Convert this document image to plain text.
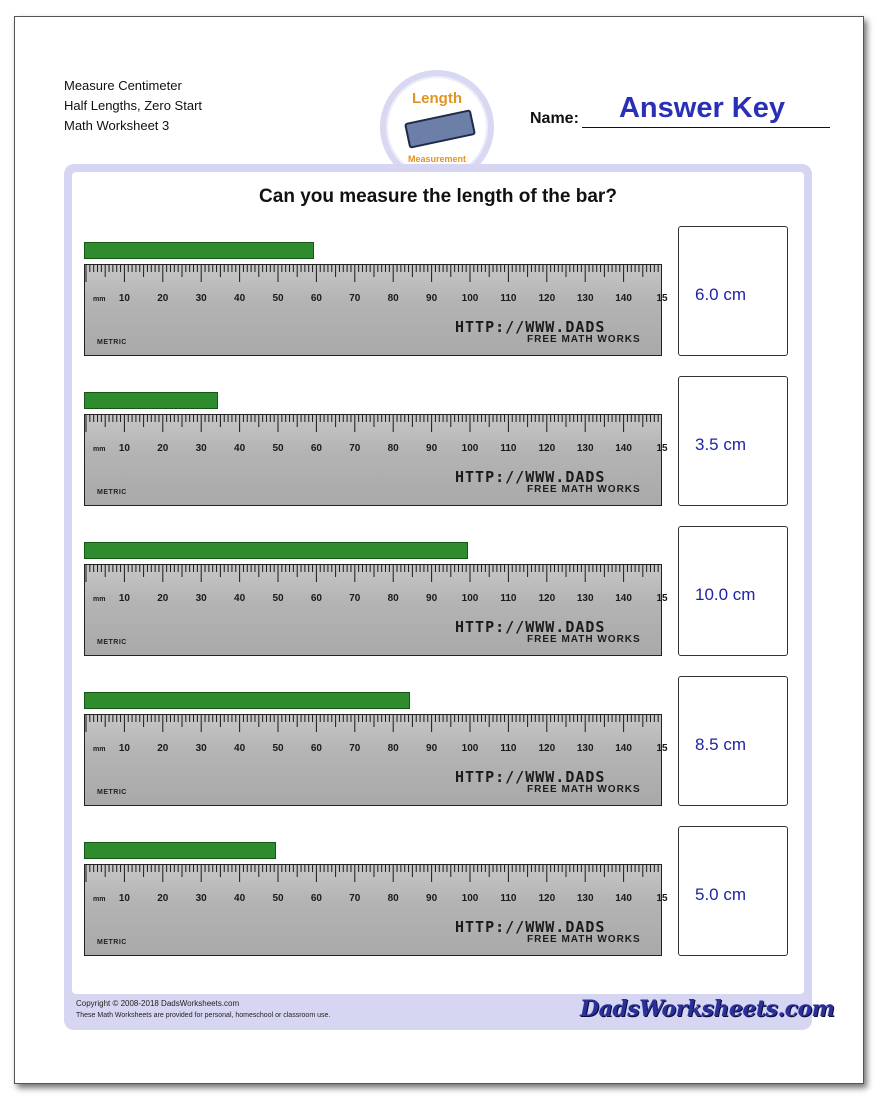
Measure Centimeter
Half Lengths, Zero Start
Math Worksheet 3
Length
Measurement
Name:	Answer Key
Can you measure the length of the bar?
mm 10	20	30	40	50	60	70	80	90 100 110 120 130 140 15
HTTP://WWW.DADS
FREE MATH WORKS
METRIC
6.0 cm
mm 10	20	30	40	50	60	70	80	90 100 110 120 130 140 15
HTTP://WWW.DADS
FREE MATH WORKS
METRIC
3.5 cm
mm 10	20	30	40	50	60	70	80	90 100 110 120 130 140 15
HTTP://WWW.DADS
FREE MATH WORKS
METRIC
10.0 cm
mm 10	20	30	40	50	60	70	80	90 100 110 120 130 140 15
HTTP://WWW.DADS
FREE MATH WORKS
METRIC
8.5 cm
mm 10	20	30	40	50	60	70	80	90 100 110 120 130 140 15
HTTP://WWW.DADS
FREE MATH WORKS
METRIC
5.0 cm
Copyright © 2008-2018 DadsWorksheets.com
These Math Worksheets are provided for personal, homeschool or classroom use.	DadsWorksheets.com
